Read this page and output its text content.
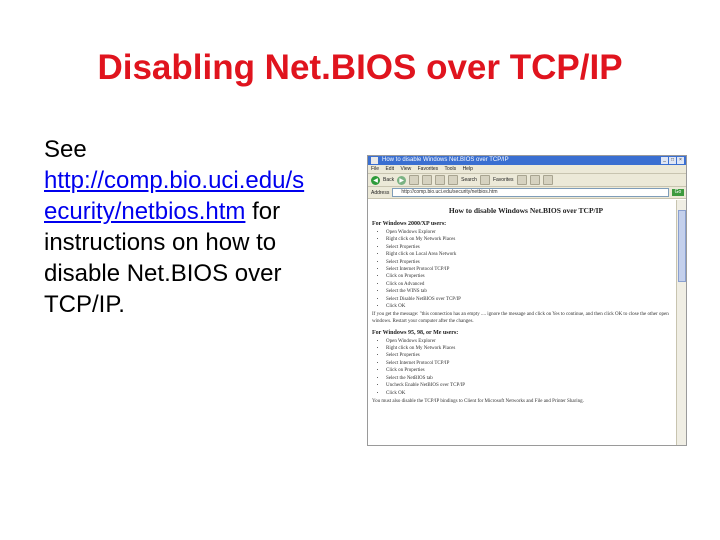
Disabling Net.BIOS over TCP/IP
See
http://comp.bio.uci.edu/s
ecurity/netbios.htm for
instructions on how to
disable Net.BIOS over
TCP/IP.
How to disable Windows Net.BIOS over TCP/IP	_	□	×
File Edit View Favorites Tools Help
◀	Back ▶	Search	Favorites
Address	http://comp.bio.uci.edu/security/netbios.htm	Go
How to disable Windows Net.BIOS over TCP/IP
For Windows 2000/XP users:
• Open Windows Explorer
• Right click on My Network Places
• Select Properties
• Right click on Local Area Network
• Select Properties
• Select Internet Protocol TCP/IP
• Click on Properties
• Click on Advanced
• Select the WINS tab
• Select Disable NetBIOS over TCP/IP
• Click OK
If you get the message: "this connection has an empty .... ignore the message and click on Yes to continue, and then click OK to close the other open windows. Restart your computer after the changes.
For Windows 95, 98, or Me users:
• Open Windows Explorer
• Right click on My Network Places
• Select Properties
• Select Internet Protocol TCP/IP
• Click on Properties
• Select the NetBIOS tab
• Uncheck Enable NetBIOS over TCP/IP
• Click OK
You must also disable the TCP/IP bindings to Client for Microsoft Networks and File and Printer Sharing.
